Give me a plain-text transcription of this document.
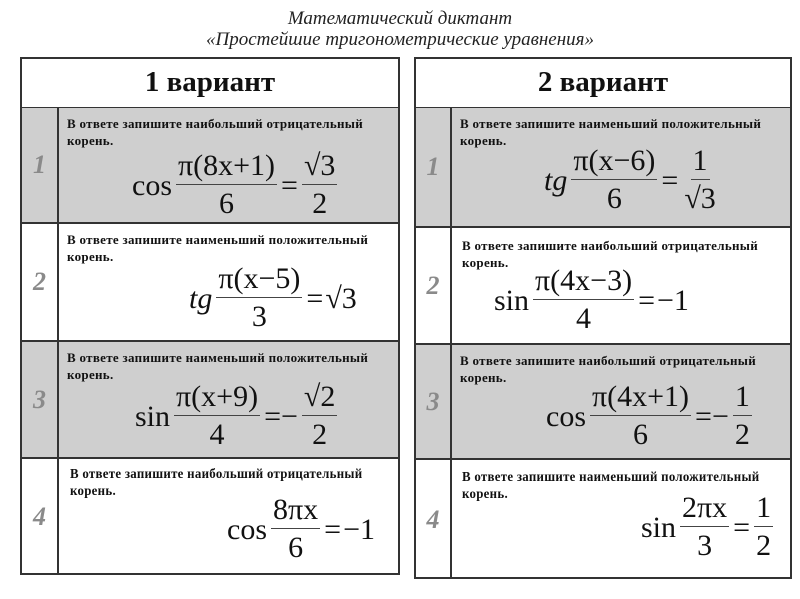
Математический диктант
«Простейшие тригонометрические уравнения»
1 вариант
1
В ответе запишите наибольший отрицательный корень.
$\cos \frac{\pi(8x+1)}{6} = \frac{√3}{2}$
2
В ответе запишите наименьший положительный корень.
tg $\frac{\pi(x-5)}{3} = √3$
3
В ответе запишите наименьший положительный корень.
$\sin \frac{\pi(x+9)}{4} =- \frac{√2}{2}$
4
В ответе запишите наибольший отрицательный корень.
$\cos \frac{8\pi x}{6} = -1$
2 вариант
1
В ответе запишите наименьший положительный корень.
tg $\frac{\pi(x-6)}{6} = \frac{1}{√3}$
2
В ответе запишите наибольший отрицательный корень.
$\sin \frac{\pi(4x-3)}{4} = -1$
3
В ответе запишите наибольший отрицательный корень.
$\cos \frac{\pi(4x+1)}{6} =- \frac{1}{2}$
4
В ответе запишите наименьший положительный корень.
$\sin \frac{2\pi x}{3} = \frac{1}{2}$
